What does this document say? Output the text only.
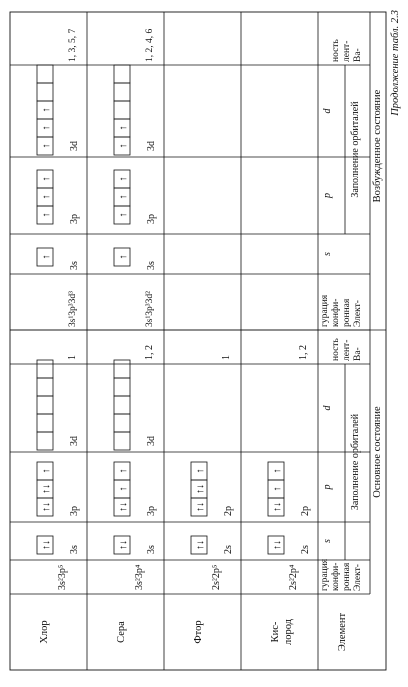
Продолжение табл. 2.3
Основное состояние
Возбужденное состояние
Элемент
Элект-
ронная
конфи-
гурация
Заполнение орбиталей
s
p
d
Ва-
лент-
ность
Элект-
ронная
конфи-
гурация
Заполнение орбиталей
s
p
d
Ва-
лент-
ность
Кис- лород
2s²2p⁴
2s
↑↓
2p
↑↓
↑
↑
1, 2
Фтор
2s²2p⁵
2s
↑↓
2p
↑↓
↑↓
↑
1
Сера
3s²3p⁴
3s
↑↓
3p
↑↓
↑
↑
3d
1, 2
3s¹3p³3d²
3s
↑
3p
↑
↑
↑
3d
↑
↑
1, 2, 4, 6
Хлор
3s²3p⁵
3s
↑↓
3p
↑↓
↑↓
↑
3d
1
3s¹3p³3d³
3s
↑
3p
↑
↑
↑
3d
↑
↑
↑
1, 3, 5, 7
